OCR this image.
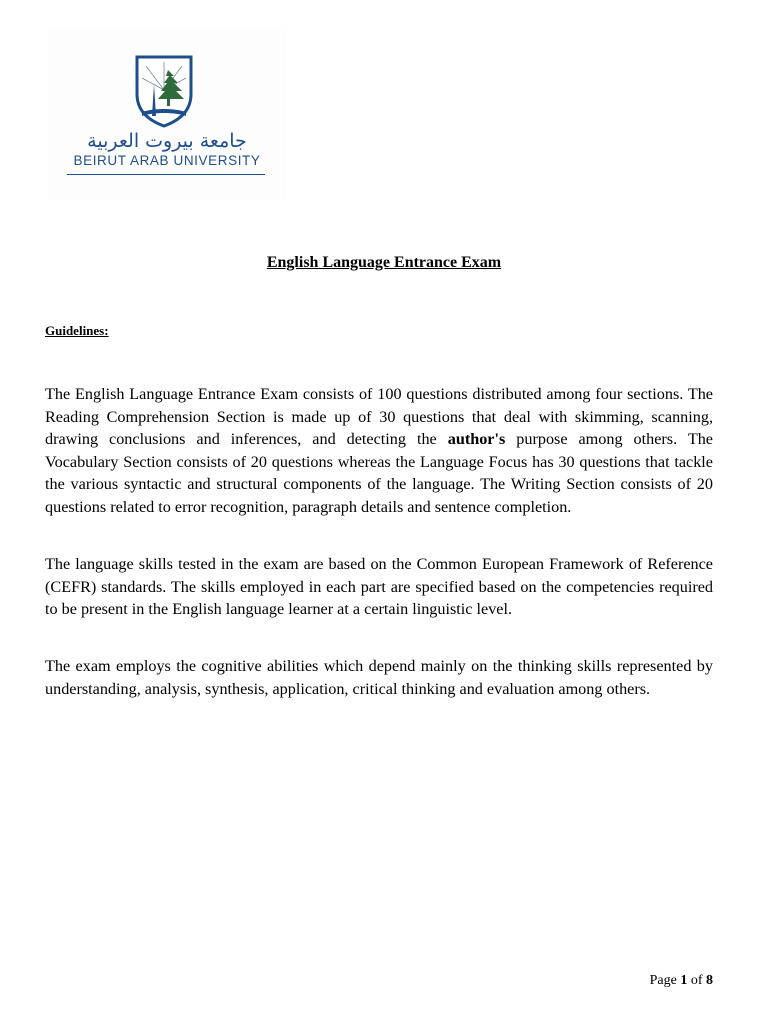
جامعة بيروت العربية
BEIRUT ARAB UNIVERSITY
English Language Entrance Exam
Guidelines:

The English Language Entrance Exam consists of 100 questions distributed among four sections. The Reading Comprehension Section is made up of 30 questions that deal with skimming, scanning, drawing conclusions and inferences, and detecting the author's purpose among others. The Vocabulary Section consists of 20 questions whereas the Language Focus has 30 questions that tackle the various syntactic and structural components of the language. The Writing Section consists of 20 questions related to error recognition, paragraph details and sentence completion.

The language skills tested in the exam are based on the Common European Framework of Reference (CEFR) standards. The skills employed in each part are specified based on the competencies required to be present in the English language learner at a certain linguistic level.

The exam employs the cognitive abilities which depend mainly on the thinking skills represented by understanding, analysis, synthesis, application, critical thinking and evaluation among others.

Page 1 of 8
